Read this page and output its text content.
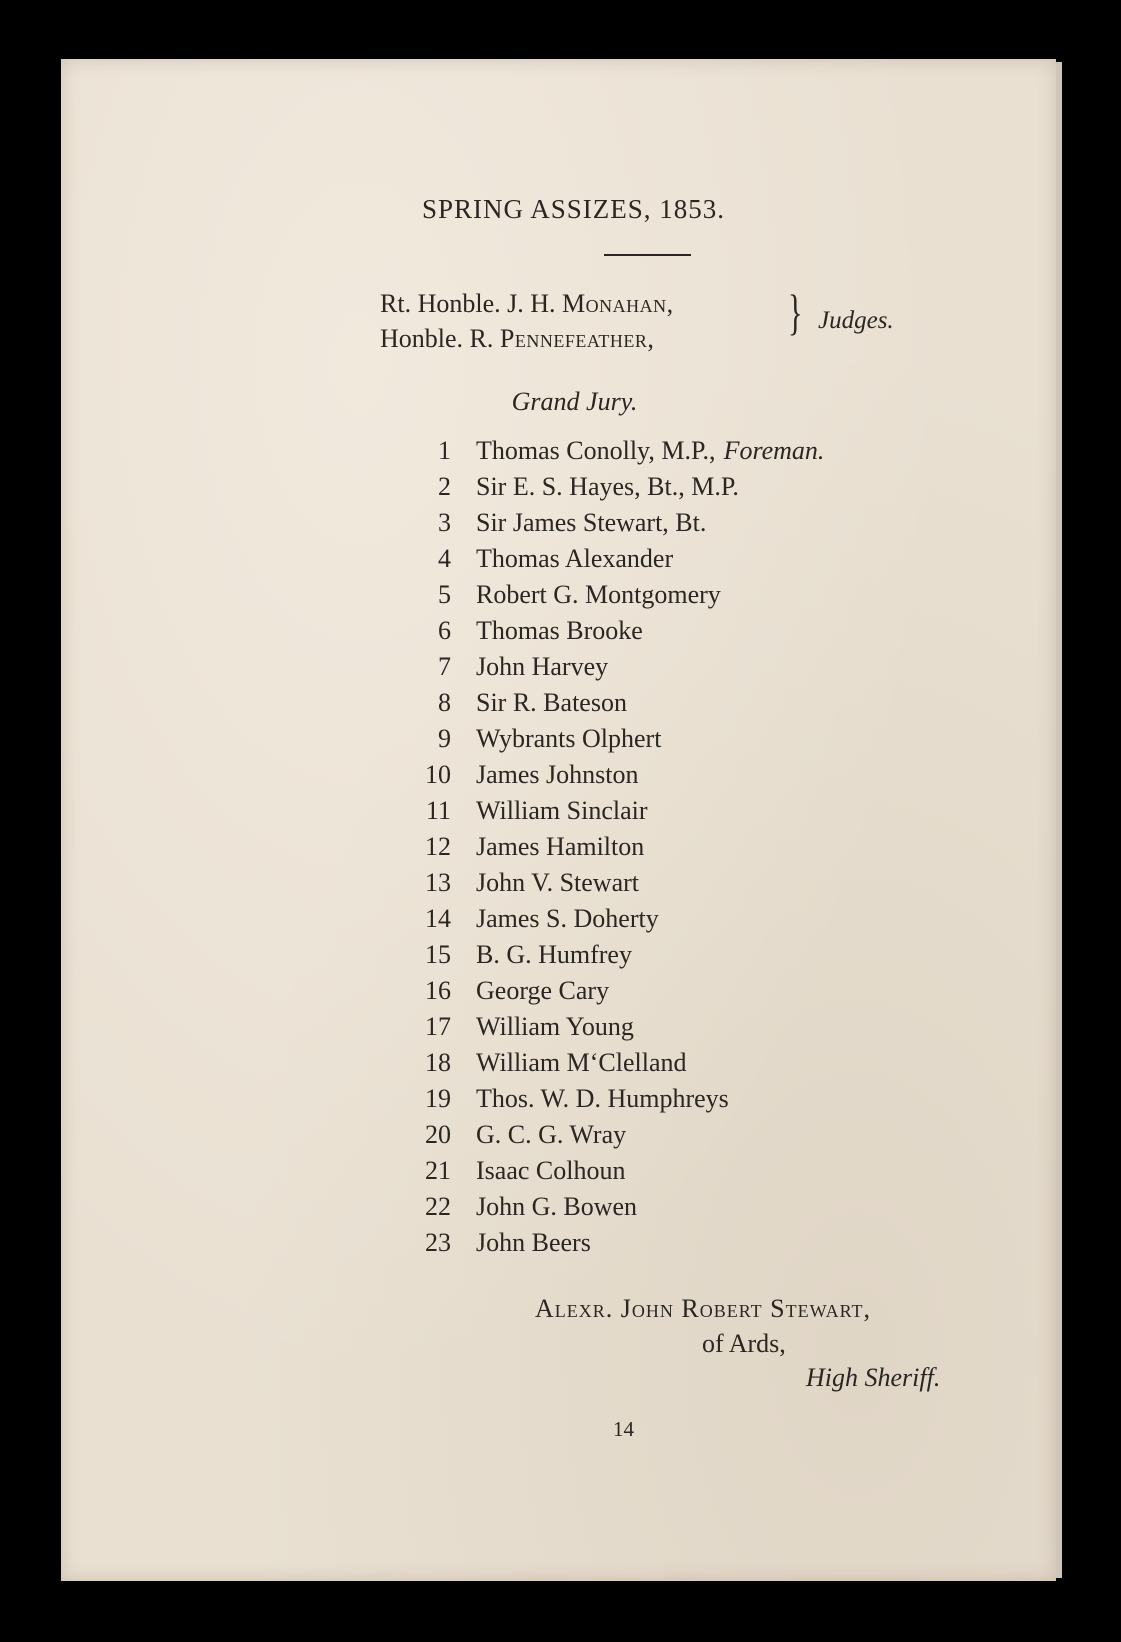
SPRING ASSIZES, 1853.
Rt. Honble. J. H. Monahan,
Honble. R. Pennefeather,	} Judges.
Grand Jury.
1 Thomas Conolly, M.P., Foreman.
2 Sir E. S. Hayes, Bt., M.P.
3 Sir James Stewart, Bt.
4 Thomas Alexander
5 Robert G. Montgomery
6 Thomas Brooke
7 John Harvey
8 Sir R. Bateson
9 Wybrants Olphert
10 James Johnston
11 William Sinclair
12 James Hamilton
13 John V. Stewart
14 James S. Doherty
15 B. G. Humfrey
16 George Cary
17 William Young
18 William M‘Clelland
19 Thos. W. D. Humphreys
20 G. C. G. Wray
21 Isaac Colhoun
22 John G. Bowen
23 John Beers
Alexr. John Robert Stewart,
of Ards,
High Sheriff.
14
